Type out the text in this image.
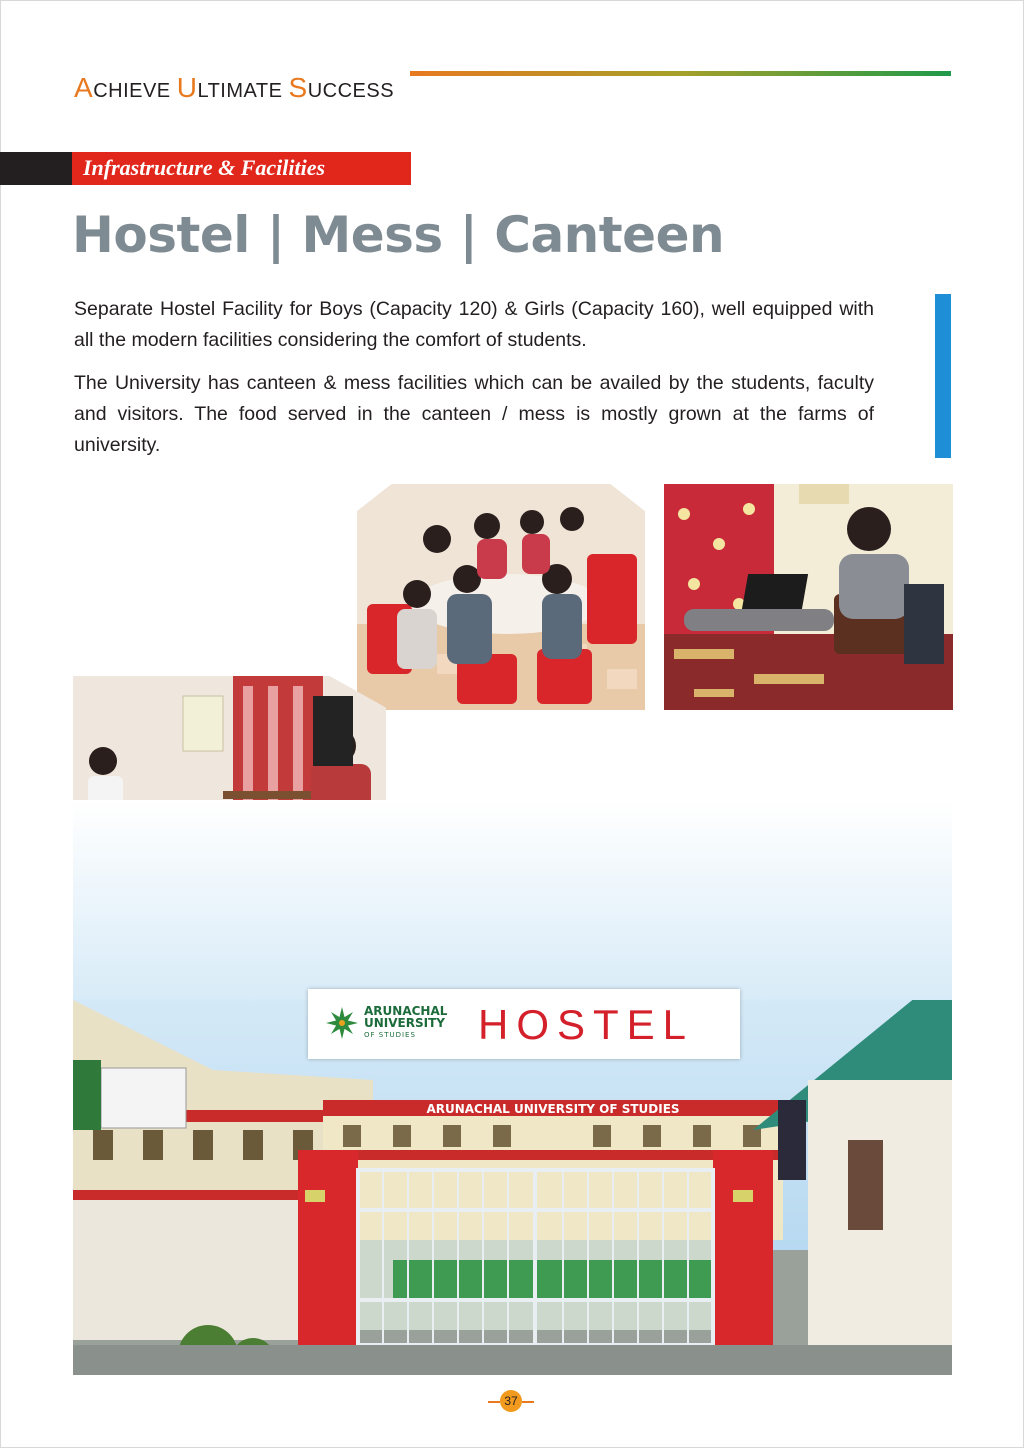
ACHIEVE ULTIMATE SUCCESS
Infrastructure & Facilities
Hostel | Mess | Canteen

Separate Hostel Facility for Boys (Capacity 120) & Girls (Capacity 160), well equipped with all the modern facilities considering the comfort of students.

The University has canteen & mess facilities which can be availed by the students, faculty and visitors. The food served in the canteen / mess is mostly grown at the farms of university.

ARUNACHAL UNIVERSITY OF STUDIES
ARUNACHAL
UNIVERSITY
OF STUDIES	HOSTEL
37
